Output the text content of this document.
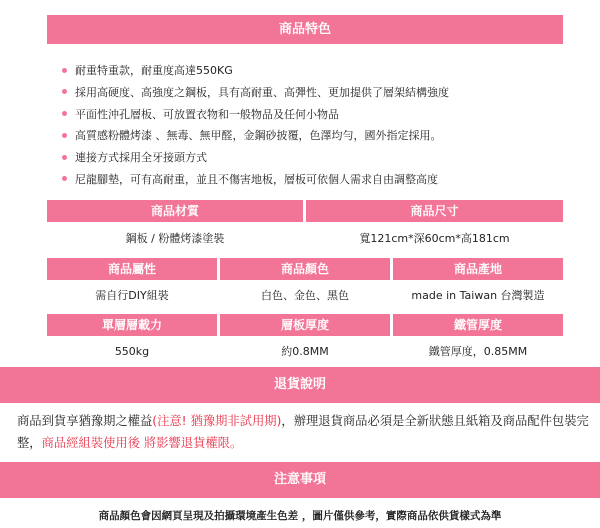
商品特色
耐重特重款，耐重度高達550KG
採用高硬度、高強度之鋼板，具有高耐重、高彈性、更加提供了層架結構強度
平面性沖孔層板、可放置衣物和一般物品及任何小物品
高質感粉體烤漆 、無毒、無甲醛，金鋼砂披覆，色澤均勻，國外指定採用。
連接方式採用全牙接頭方式
尼龍腳墊，可有高耐重，並且不傷害地板，層板可依個人需求自由調整高度
商品材質	商品尺寸
鋼板 / 粉體烤漆塗裝	寬121cm*深60cm*高181cm
商品屬性	商品顏色	商品產地
需自行DIY組裝	白色、金色、黑色	made in Taiwan 台灣製造
單層層載力	層板厚度	鐵管厚度
550kg	約0.8MM	鐵管厚度，0.85MM
退貨說明
商品到貨享猶豫期之權益(注意! 猶豫期非試用期)，辦理退貨商品必須是全新狀態且紙箱及商品配件包裝完整，商品經組裝使用後 將影響退貨權限。
注意事項
商品顏色會因網頁呈現及拍攝環境產生色差 ，圖片僅供參考，實際商品依供貨樣式為準
